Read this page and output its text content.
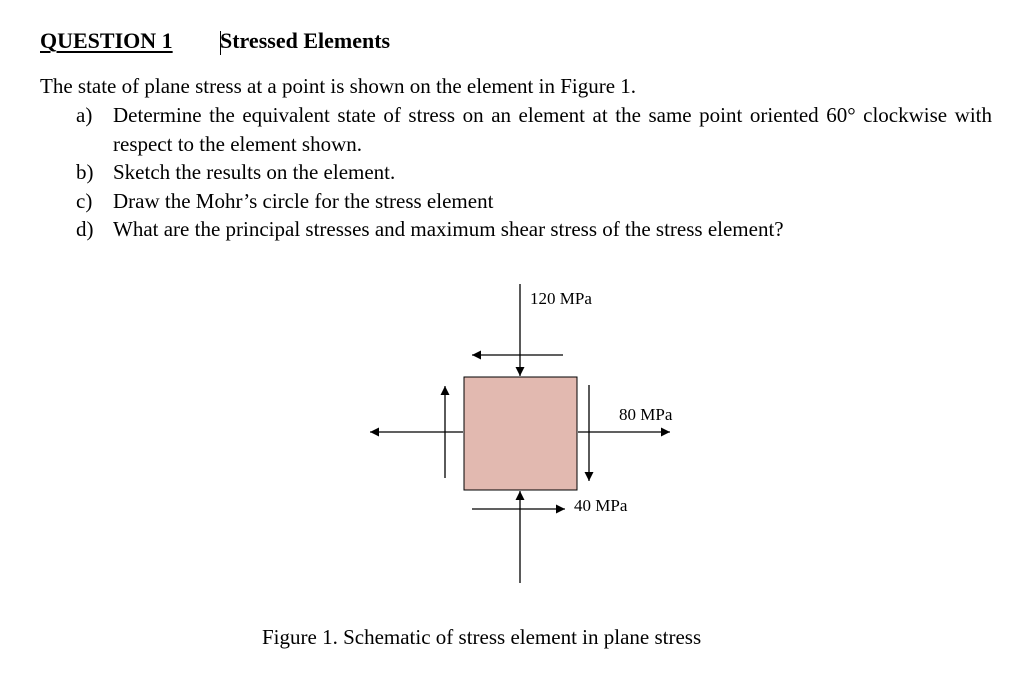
QUESTION 1 Stressed Elements
The state of plane stress at a point is shown on the element in Figure 1.
a) Determine the equivalent state of stress on an element at the same point oriented 60° clockwise with respect to the element shown.
b) Sketch the results on the element.
c) Draw the Mohr’s circle for the stress element
d) What are the principal stresses and maximum shear stress of the stress element?
120 MPa
80 MPa
40 MPa
Figure 1. Schematic of stress element in plane stress
